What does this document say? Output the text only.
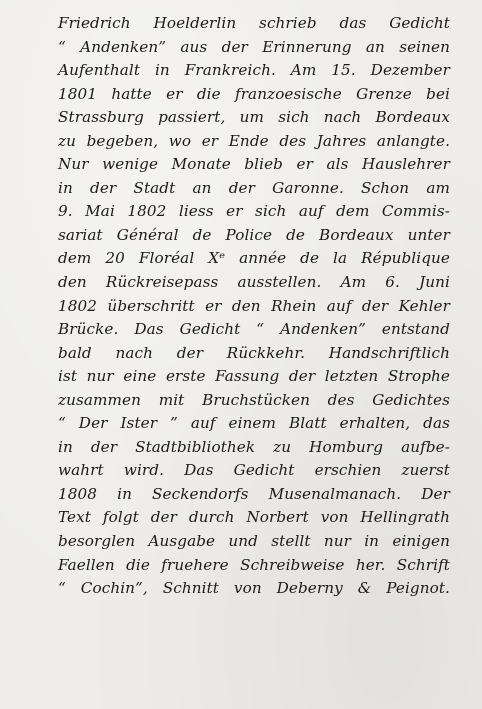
Friedrich Hoelderlin schrieb das Gedicht
“ Andenken” aus der Erinnerung an seinen
Aufenthalt in Frankreich. Am 15. Dezember
1801 hatte er die franzoesische Grenze bei
Strassburg passiert, um sich nach Bordeaux
zu begeben, wo er Ende des Jahres anlangte.
Nur wenige Monate blieb er als Hauslehrer
in der Stadt an der Garonne. Schon am
9. Mai 1802 liess er sich auf dem Commis-
sariat Général de Police de Bordeaux unter
dem 20 Floréal Xᵉ année de la République
den Rückreisepass ausstellen. Am 6. Juni
1802 überschritt er den Rhein auf der Kehler
Brücke. Das Gedicht “ Andenken” entstand
bald nach der Rückkehr. Handschriftlich
ist nur eine erste Fassung der letzten Strophe
zusammen mit Bruchstücken des Gedichtes
“ Der Ister ” auf einem Blatt erhalten, das
in der Stadtbibliothek zu Homburg aufbe-
wahrt wird. Das Gedicht erschien zuerst
1808 in Seckendorfs Musenalmanach. Der
Text folgt der durch Norbert von Hellingrath
besorglen Ausgabe und stellt nur in einigen
Faellen die fruehere Schreibweise her. Schrift
“ Cochin”, Schnitt von Deberny & Peignot.
